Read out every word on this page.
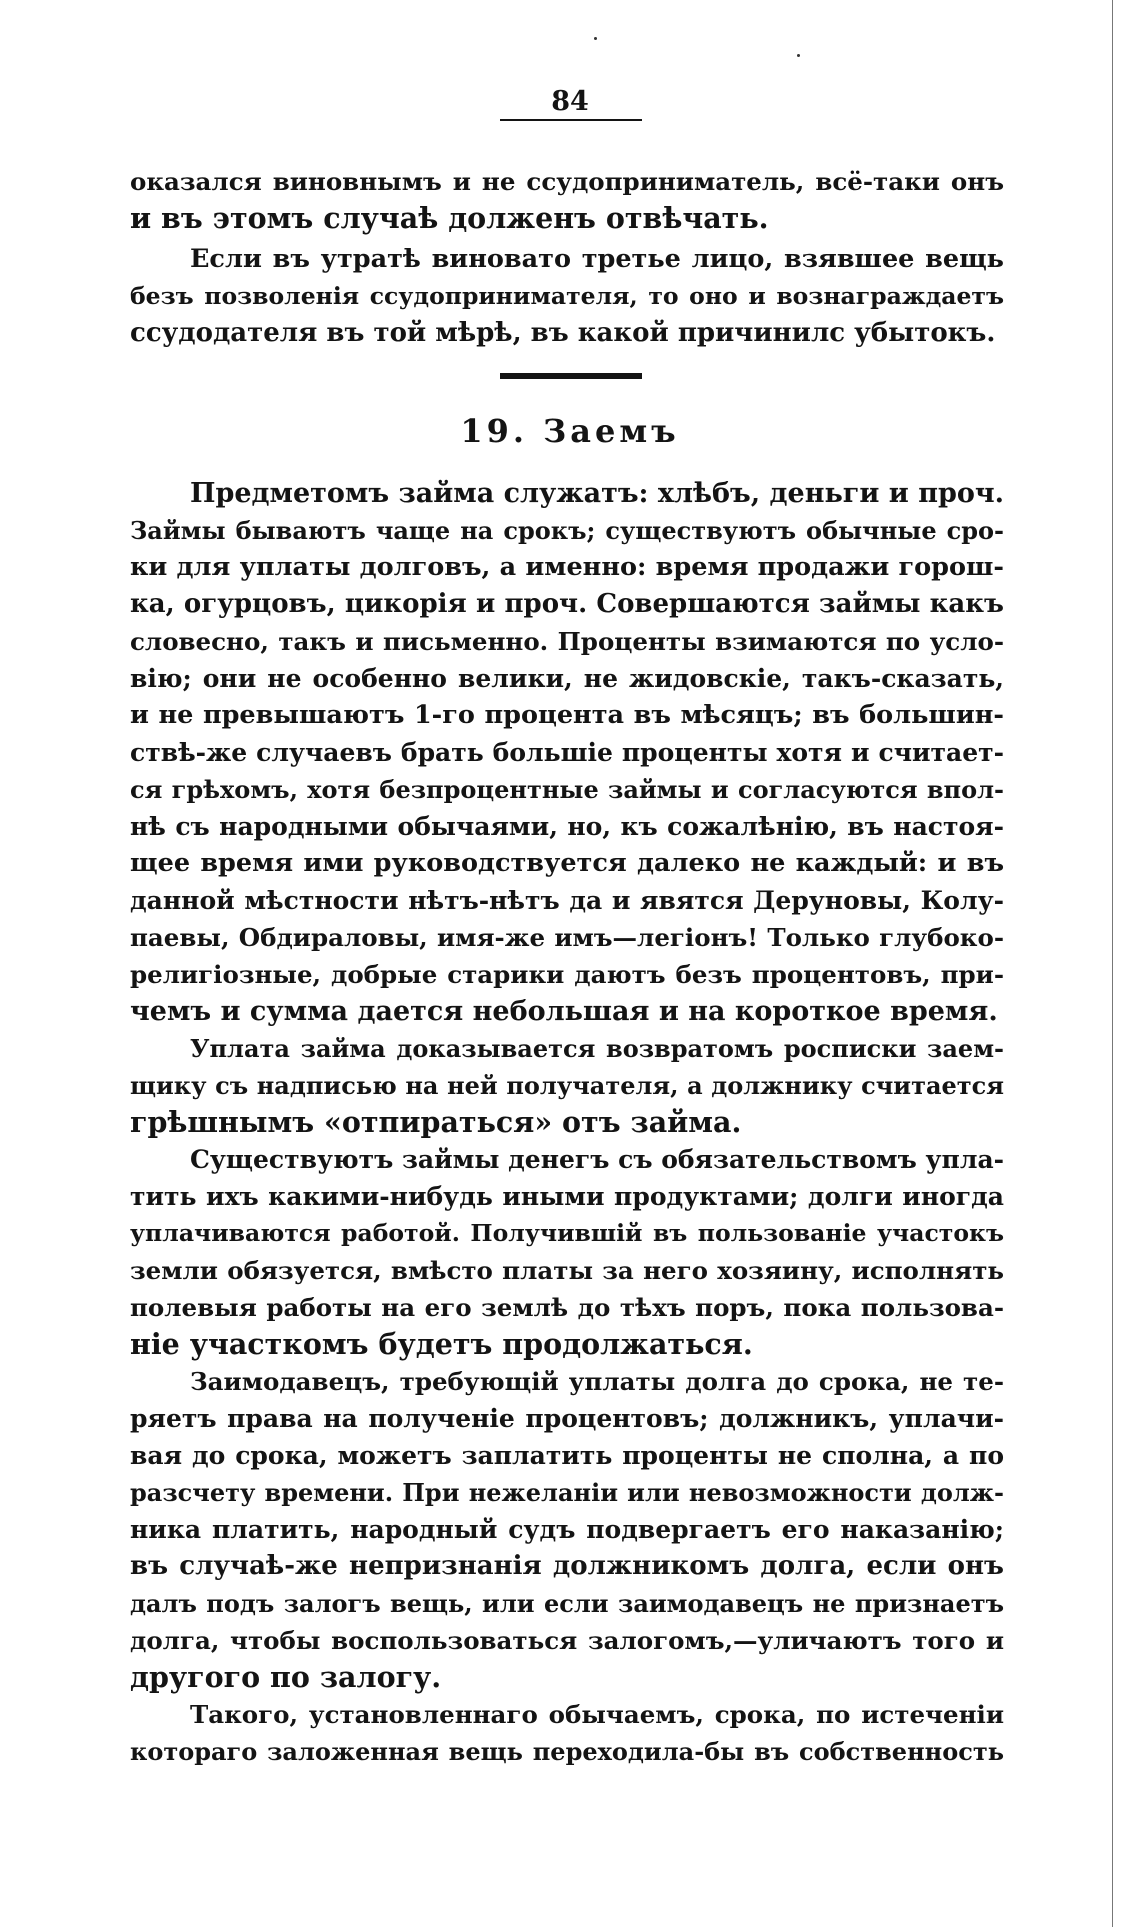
84
оказался виновнымъ и не ссудоприниматель, всё-таки онъ
и въ этомъ случаѣ долженъ отвѣчать.
Если въ утратѣ виновато третье лицо, взявшее вещь
безъ позволенія ссудопринимателя, то оно и вознаграждаетъ
ссудодателя въ той мѣрѣ, въ какой причинилс убытокъ.
19. Заемъ
Предметомъ займа служатъ: хлѣбъ, деньги и проч.
Займы бываютъ чаще на срокъ; существуютъ обычные сро-
ки для уплаты долговъ, а именно: время продажи горош-
ка, огурцовъ, цикорія и проч. Совершаются займы какъ
словесно, такъ и письменно. Проценты взимаются по усло-
вію; они не особенно велики, не жидовскіе, такъ-сказать,
и не превышаютъ 1-го процента въ мѣсяцъ; въ большин-
ствѣ-же случаевъ брать большіе проценты хотя и считает-
ся грѣхомъ, хотя безпроцентные займы и согласуются впол-
нѣ съ народными обычаями, но, къ сожалѣнію, въ настоя-
щее время ими руководствуется далеко не каждый: и въ
данной мѣстности нѣтъ-нѣтъ да и явятся Деруновы, Колу-
паевы, Обдираловы, имя-же имъ—легіонъ! Только глубоко-
религіозные, добрые старики даютъ безъ процентовъ, при-
чемъ и сумма дается небольшая и на короткое время.
Уплата займа доказывается возвратомъ росписки заем-
щику съ надписью на ней получателя, а должнику считается
грѣшнымъ «отпираться» отъ займа.
Существуютъ займы денегъ съ обязательствомъ упла-
тить ихъ какими-нибудь иными продуктами; долги иногда
уплачиваются работой. Получившій въ пользованіе участокъ
земли обязуется, вмѣсто платы за него хозяину, исполнять
полевыя работы на его землѣ до тѣхъ поръ, пока пользова-
ніе участкомъ будетъ продолжаться.
Заимодавецъ, требующій уплаты долга до срока, не те-
ряетъ права на полученіе процентовъ; должникъ, уплачи-
вая до срока, можетъ заплатить проценты не сполна, а по
разсчету времени. При нежеланіи или невозможности долж-
ника платить, народный судъ подвергаетъ его наказанію;
въ случаѣ-же непризнанія должникомъ долга, если онъ
далъ подъ залогъ вещь, или если заимодавецъ не признаетъ
долга, чтобы воспользоваться залогомъ,—уличаютъ того и
другого по залогу.
Такого, установленнаго обычаемъ, срока, по истеченіи
котораго заложенная вещь переходила-бы въ собственность
